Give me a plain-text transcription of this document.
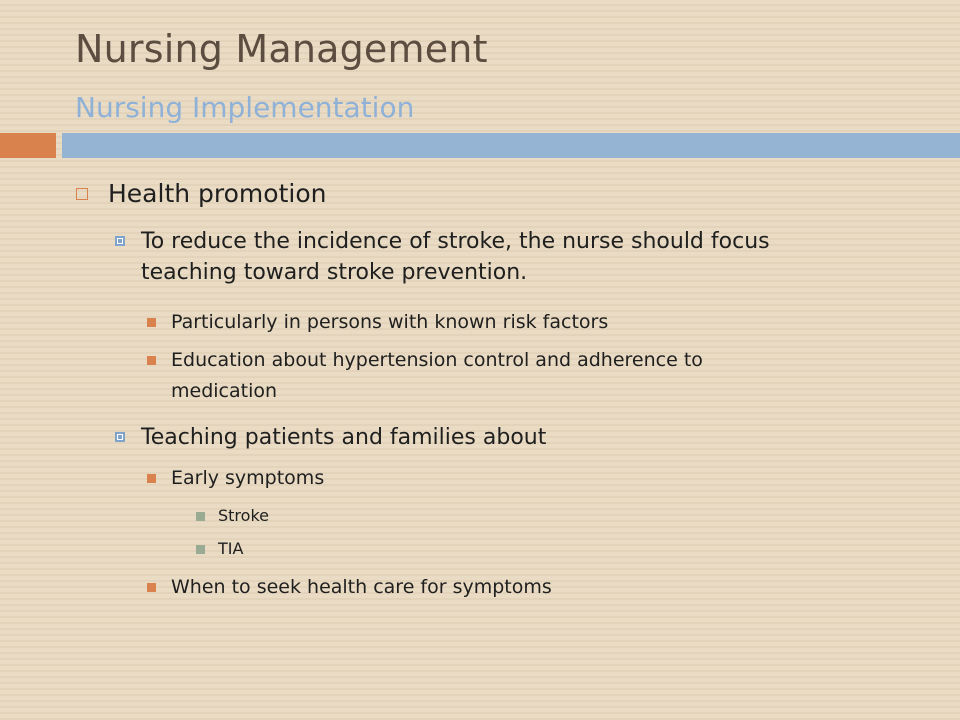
Nursing Management
Nursing Implementation
Health promotion
To reduce the incidence of stroke, the nurse should focus
teaching toward stroke prevention.
Particularly in persons with known risk factors
Education about hypertension control and adherence to
medication
Teaching patients and families about
Early symptoms
Stroke
TIA
When to seek health care for symptoms
